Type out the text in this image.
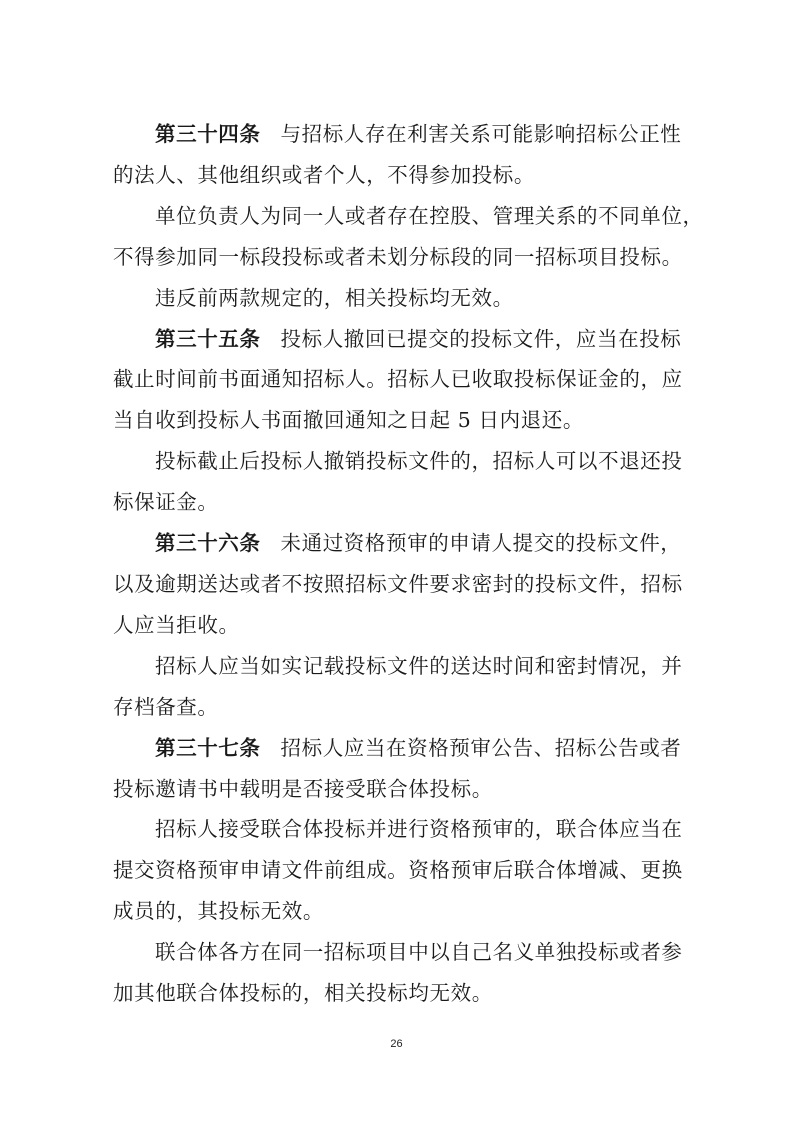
第三十四条 与招标人存在利害关系可能影响招标公正性
的法人、其他组织或者个人，不得参加投标。
单位负责人为同一人或者存在控股、管理关系的不同单位，
不得参加同一标段投标或者未划分标段的同一招标项目投标。
违反前两款规定的，相关投标均无效。
第三十五条 投标人撤回已提交的投标文件，应当在投标
截止时间前书面通知招标人。招标人已收取投标保证金的，应
当自收到投标人书面撤回通知之日起 5 日内退还。
投标截止后投标人撤销投标文件的，招标人可以不退还投
标保证金。
第三十六条 未通过资格预审的申请人提交的投标文件，
以及逾期送达或者不按照招标文件要求密封的投标文件，招标
人应当拒收。
招标人应当如实记载投标文件的送达时间和密封情况，并
存档备查。
第三十七条 招标人应当在资格预审公告、招标公告或者
投标邀请书中载明是否接受联合体投标。
招标人接受联合体投标并进行资格预审的，联合体应当在
提交资格预审申请文件前组成。资格预审后联合体增减、更换
成员的，其投标无效。
联合体各方在同一招标项目中以自己名义单独投标或者参
加其他联合体投标的，相关投标均无效。
26
